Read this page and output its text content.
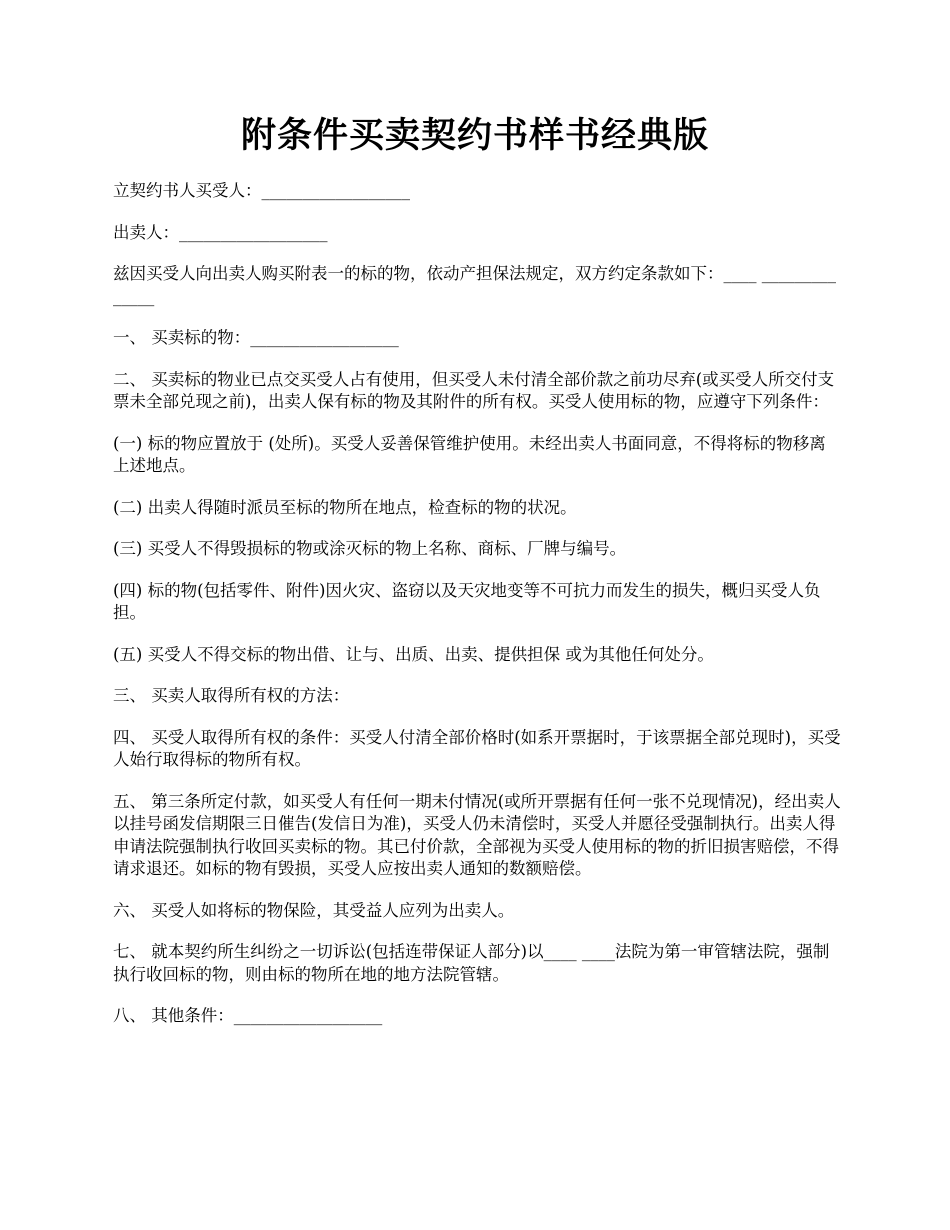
附条件买卖契约书样书经典版

立契约书人买受人：__________________

出卖人：__________________

兹因买受人向出卖人购买附表一的标的物，依动产担保法规定，双方约定条款如下：____ ______________

一、 买卖标的物：__________________

二、 买卖标的物业已点交买受人占有使用，但买受人未付清全部价款之前功尽弃(或买受人所交付支票未全部兑现之前)，出卖人保有标的物及其附件的所有权。买受人使用标的物，应遵守下列条件：

(一) 标的物应置放于 (处所)。买受人妥善保管维护使用。未经出卖人书面同意，不得将标的物移离上述地点。

(二) 出卖人得随时派员至标的物所在地点，检查标的物的状况。

(三) 买受人不得毁损标的物或涂灭标的物上名称、商标、厂牌与编号。

(四) 标的物(包括零件、附件)因火灾、盗窃以及天灾地变等不可抗力而发生的损失，概归买受人负担。

(五) 买受人不得交标的物出借、让与、出质、出卖、提供担保 或为其他任何处分。

三、 买卖人取得所有权的方法：

四、 买受人取得所有权的条件：买受人付清全部价格时(如系开票据时，于该票据全部兑现时)，买受人始行取得标的物所有权。

五、 第三条所定付款，如买受人有任何一期未付情况(或所开票据有任何一张不兑现情况)，经出卖人以挂号函发信期限三日催告(发信日为准)，买受人仍未清偿时，买受人并愿径受强制执行。出卖人得申请法院强制执行收回买卖标的物。其已付价款，全部视为买受人使用标的物的折旧损害赔偿，不得请求退还。如标的物有毁损，买受人应按出卖人通知的数额赔偿。

六、 买受人如将标的物保险，其受益人应列为出卖人。

七、 就本契约所生纠纷之一切诉讼(包括连带保证人部分)以____ ____法院为第一审管辖法院，强制执行收回标的物，则由标的物所在地的地方法院管辖。

八、 其他条件：__________________
